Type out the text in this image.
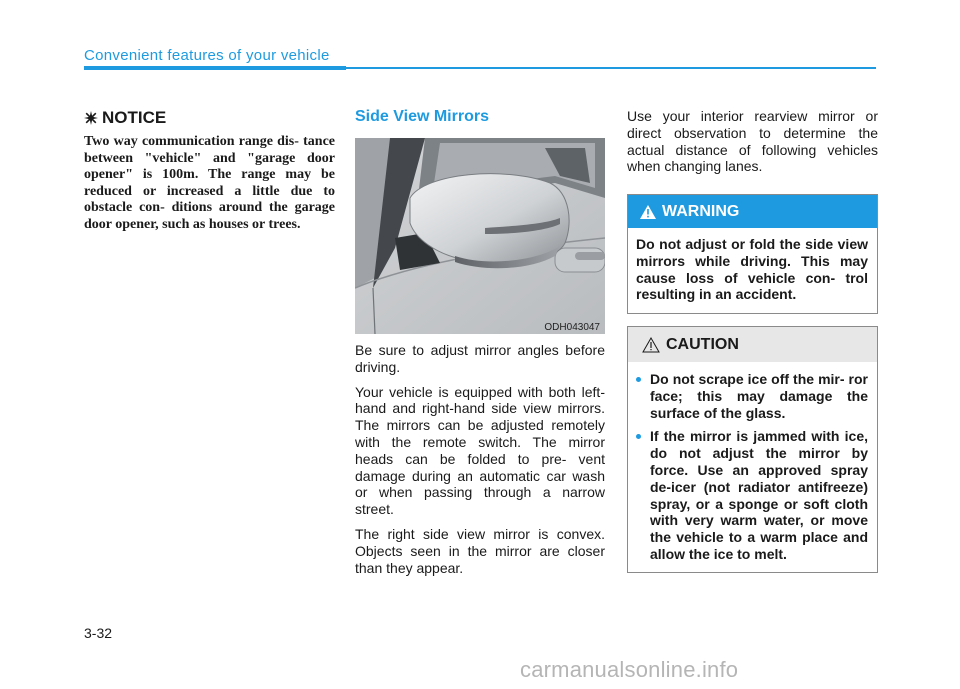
Convenient features of your vehicle
NOTICE

Two way communication range dis- tance between "vehicle" and "garage door opener" is 100m. The range may be reduced or increased a little due to obstacle con- ditions around the garage door opener, such as houses or trees.

Side View Mirrors
ODH043047

Be sure to adjust mirror angles before driving.

Your vehicle is equipped with both left-hand and right-hand side view mirrors. The mirrors can be adjusted remotely with the remote switch. The mirror heads can be folded to pre- vent damage during an automatic car wash or when passing through a narrow street.

The right side view mirror is convex. Objects seen in the mirror are closer than they appear.

Use your interior rearview mirror or direct observation to determine the actual distance of following vehicles when changing lanes.

WARNING
Do not adjust or fold the side view mirrors while driving. This may cause loss of vehicle con- trol resulting in an accident.
CAUTION
Do not scrape ice off the mir- ror face; this may damage the surface of the glass.
If the mirror is jammed with ice, do not adjust the mirror by force. Use an approved spray de-icer (not radiator antifreeze) spray, or a sponge or soft cloth with very warm water, or move the vehicle to a warm place and allow the ice to melt.
3-32
carmanualsonline.info
